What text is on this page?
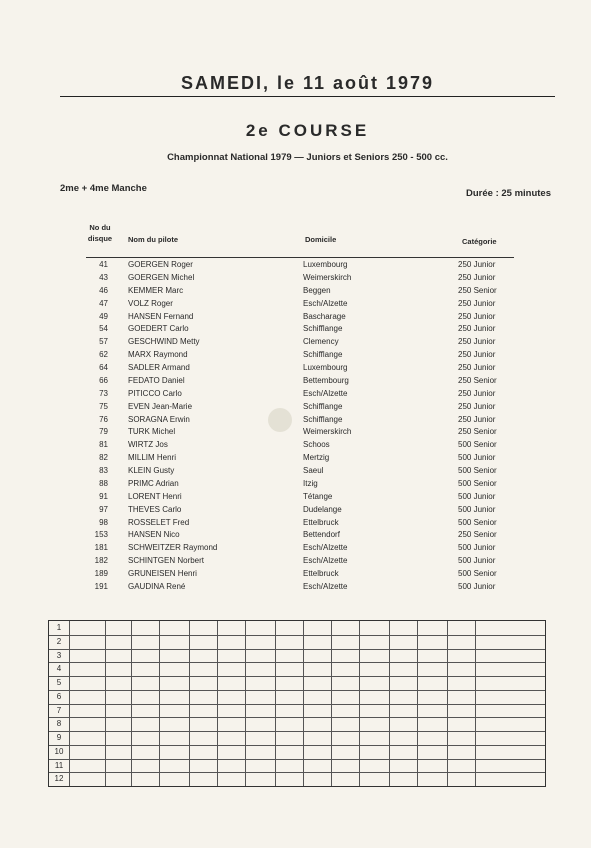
SAMEDI, le 11 août 1979
2e COURSE
Championnat National 1979 — Juniors et Seniors 250 - 500 cc.
2me + 4me Manche	Durée : 25 minutes
No du disque	Nom du pilote	Domicile	Catégorie
41	GOERGEN Roger	Luxembourg	250 Junior
43	GOERGEN Michel	Weimerskirch	250 Junior
46	KEMMER Marc	Beggen	250 Senior
47	VOLZ Roger	Esch/Alzette	250 Junior
49	HANSEN Fernand	Bascharage	250 Junior
54	GOEDERT Carlo	Schifflange	250 Junior
57	GESCHWIND Metty	Clemency	250 Junior
62	MARX Raymond	Schifflange	250 Junior
64	SADLER Armand	Luxembourg	250 Junior
66	FEDATO Daniel	Bettembourg	250 Senior
73	PITICCO Carlo	Esch/Alzette	250 Junior
75	EVEN Jean-Marie	Schifflange	250 Junior
76	SORAGNA Erwin	Schifflange	250 Junior
79	TURK Michel	Weimerskirch	250 Senior
81	WIRTZ Jos	Schoos	500 Senior
82	MILLIM Henri	Mertzig	500 Junior
83	KLEIN Gusty	Saeul	500 Senior
88	PRIMC Adrian	Itzig	500 Senior
91	LORENT Henri	Tétange	500 Junior
97	THEVES Carlo	Dudelange	500 Junior
98	ROSSELET Fred	Ettelbruck	500 Senior
153	HANSEN Nico	Bettendorf	250 Senior
181	SCHWEITZER Raymond	Esch/Alzette	500 Junior
182	SCHINTGEN Norbert	Esch/Alzette	500 Junior
189	GRUNEISEN Henri	Ettelbruck	500 Senior
191	GAUDINA René	Esch/Alzette	500 Junior
1
2
3
4
5
6
7
8
9
10
11
12
